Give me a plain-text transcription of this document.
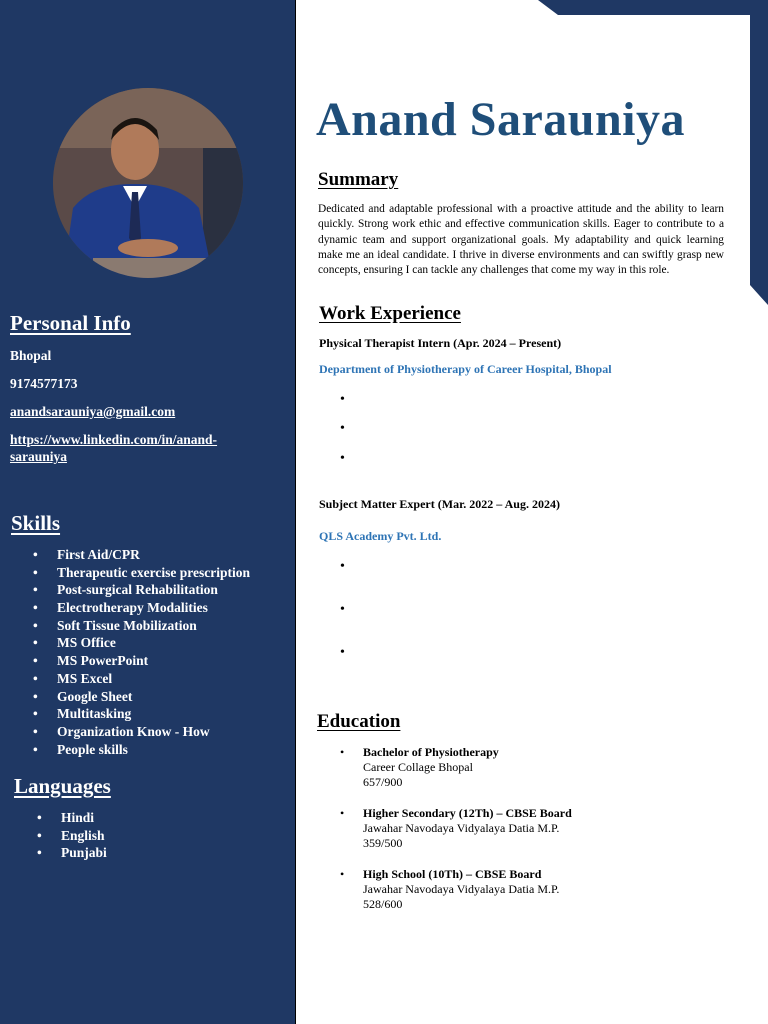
Personal Info
Bhopal
9174577173
anandsarauniya@gmail.com
https://www.linkedin.com/in/anand-
sarauniya
Skills
• First Aid/CPR
• Therapeutic exercise prescription
• Post-surgical Rehabilitation
• Electrotherapy Modalities
• Soft Tissue Mobilization
• MS Office
• MS PowerPoint
• MS Excel
• Google Sheet
• Multitasking
• Organization Know - How
• People skills
Languages
• Hindi
• English
• Punjabi
Anand Sarauniya
Summary

Dedicated and adaptable professional with a proactive attitude and the ability to learn quickly. Strong work ethic and effective communication skills. Eager to contribute to a dynamic team and support organizational goals. My adaptability and quick learning make me an ideal candidate. I thrive in diverse environments and can swiftly grasp new concepts, ensuring I can tackle any challenges that come my way in this role.

Work Experience

Physical Therapist Intern (Apr. 2024 – Present)

Department of Physiotherapy of Career Hospital, Bhopal

•
•
•

Subject Matter Expert (Mar. 2022 – Aug. 2024)

QLS Academy Pvt. Ltd.

•
•
•
Education
• Bachelor of Physiotherapy
Career Collage Bhopal
657/900
• Higher Secondary (12Th) – CBSE Board
Jawahar Navodaya Vidyalaya Datia M.P.
359/500
• High School (10Th) – CBSE Board
Jawahar Navodaya Vidyalaya Datia M.P.
528/600
